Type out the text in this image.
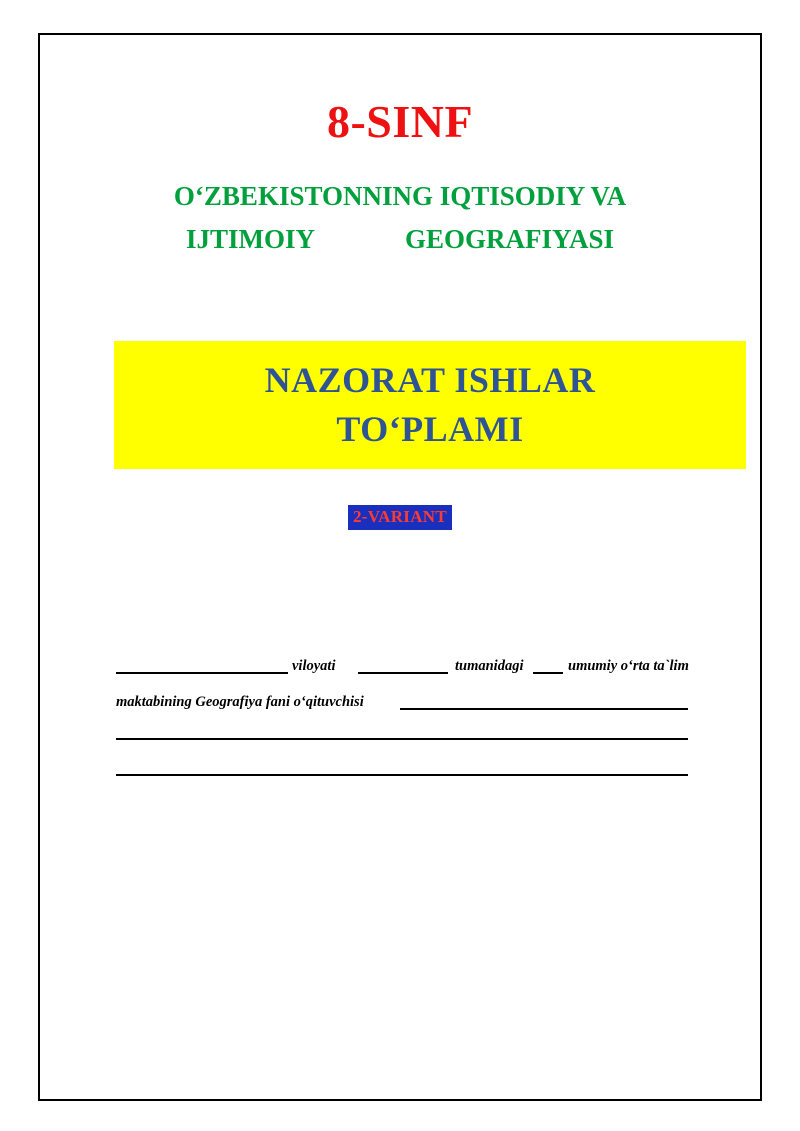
8-SINF
O‘ZBEKISTONNING IQTISODIY VA
IJTIMOIY	GEOGRAFIYASI
NAZORAT ISHLAR
TO‘PLAMI
2-VARIANT
viloyati	tumanidagi	umumiy o‘rta ta`lim
maktabining Geografiya fani o‘qituvchisi
